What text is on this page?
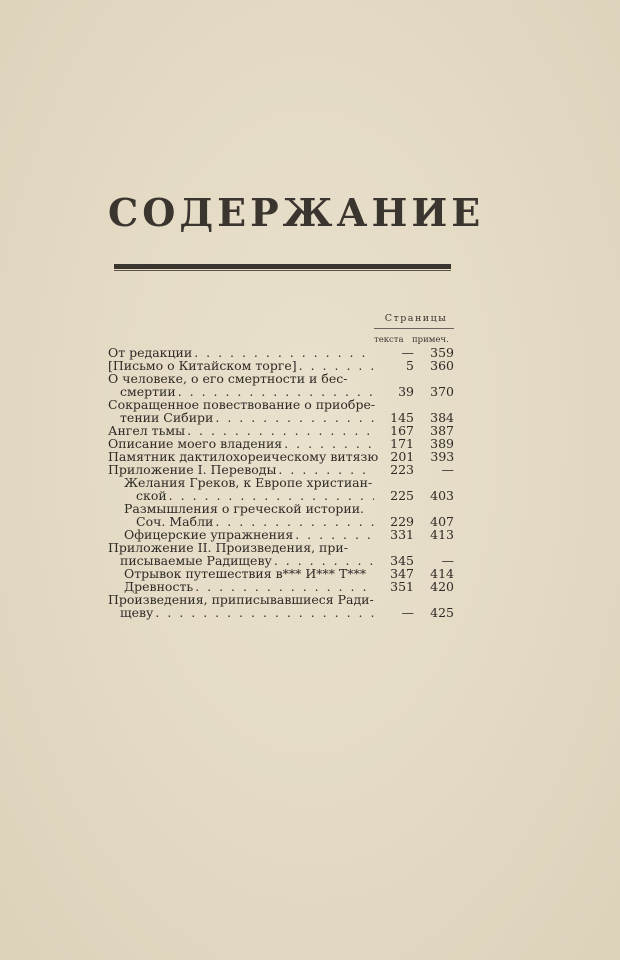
СОДЕРЖАНИЕ
Страницы
текста примеч.
От редакции . . .	—	359
[Письмо о Китайском торге] . . .	5	360
О человеке, о его смертности и бес-
смертии . . .	39	370
Сокращенное повествование о приобре-
тении Сибири . . .	145	384
Ангел тьмы . . .	167	387
Описание моего владения . . .	171	389
Памятник дактилохореическому витязю 201	393
Приложение I. Переводы . . .	223	—
Желания Греков, к Европе христиан-
ской . . .	225	403
Размышления о греческой истории.
Соч. Мабли . . .	229	407
Офицерские упражнения . . .	331	413
Приложение II. Произведения, при-
писываемые Радищеву . . .	345	—
Отрывок путешествия в*** И*** Т***	347	414
Древность . . .	351	420
Произведения, приписывавшиеся Ради-
щеву . . .	—	425
